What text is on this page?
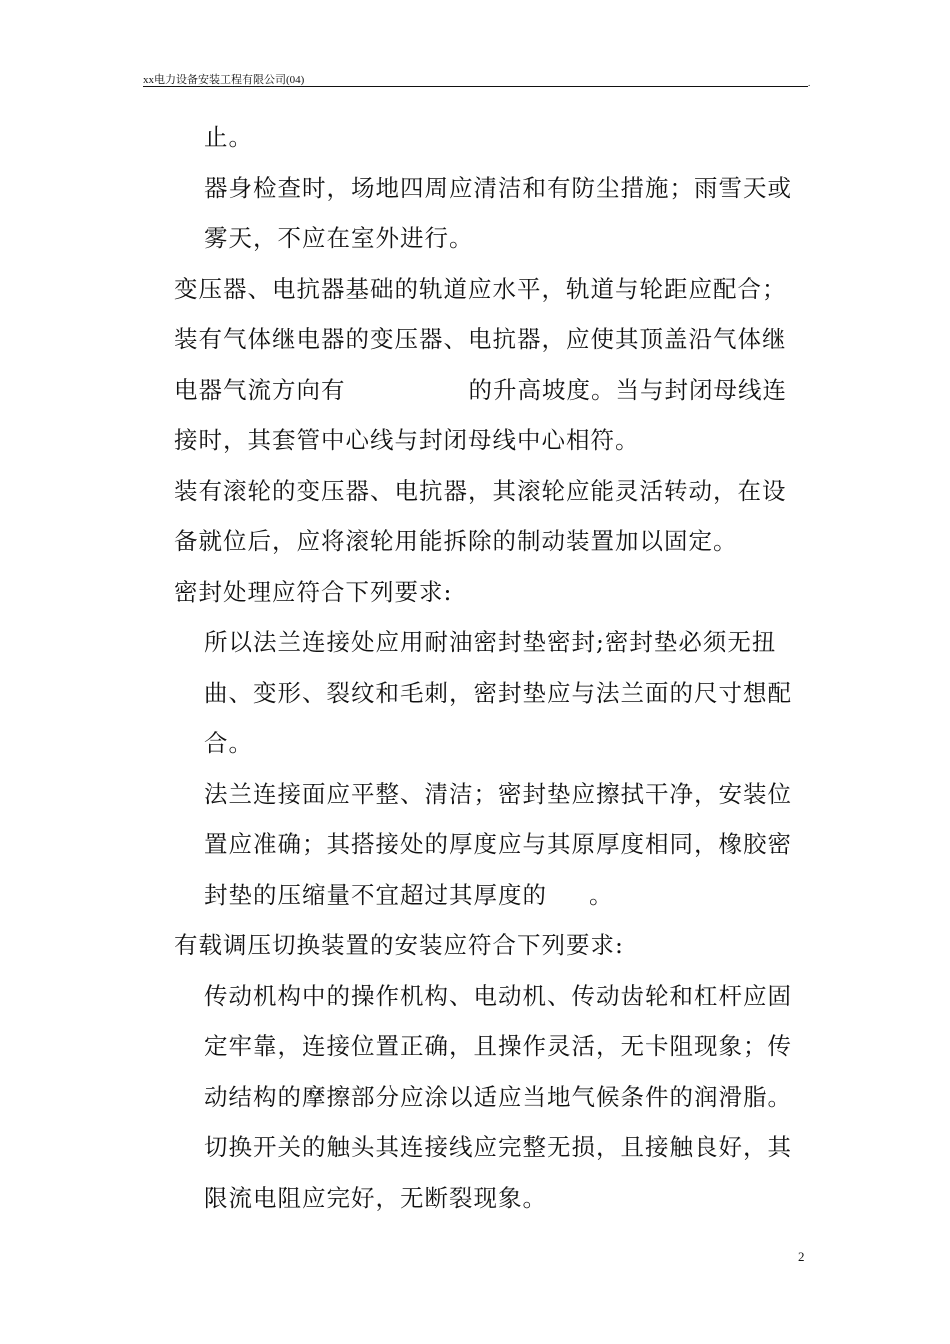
xx电力设备安装工程有限公司(04)	.
止。
器身检查时，场地四周应清洁和有防尘措施；雨雪天或
雾天，不应在室外进行。
变压器、电抗器基础的轨道应水平，轨道与轮距应配合；
装有气体继电器的变压器、电抗器，应使其顶盖沿气体继
电器气流方向有	的升高坡度。当与封闭母线连
接时，其套管中心线与封闭母线中心相符。
装有滚轮的变压器、电抗器，其滚轮应能灵活转动，在设
备就位后，应将滚轮用能拆除的制动装置加以固定。
密封处理应符合下列要求:
所以法兰连接处应用耐油密封垫密封;密封垫必须无扭
曲、变形、裂纹和毛刺，密封垫应与法兰面的尺寸想配
合。
法兰连接面应平整、清洁；密封垫应擦拭干净，安装位
置应准确；其搭接处的厚度应与其原厚度相同，橡胶密
封垫的压缩量不宜超过其厚度的 。
有载调压切换装置的安装应符合下列要求:
传动机构中的操作机构、电动机、传动齿轮和杠杆应固
定牢靠，连接位置正确，且操作灵活，无卡阻现象；传
动结构的摩擦部分应涂以适应当地气候条件的润滑脂。
切换开关的触头其连接线应完整无损，且接触良好，其
限流电阻应完好，无断裂现象。
2
